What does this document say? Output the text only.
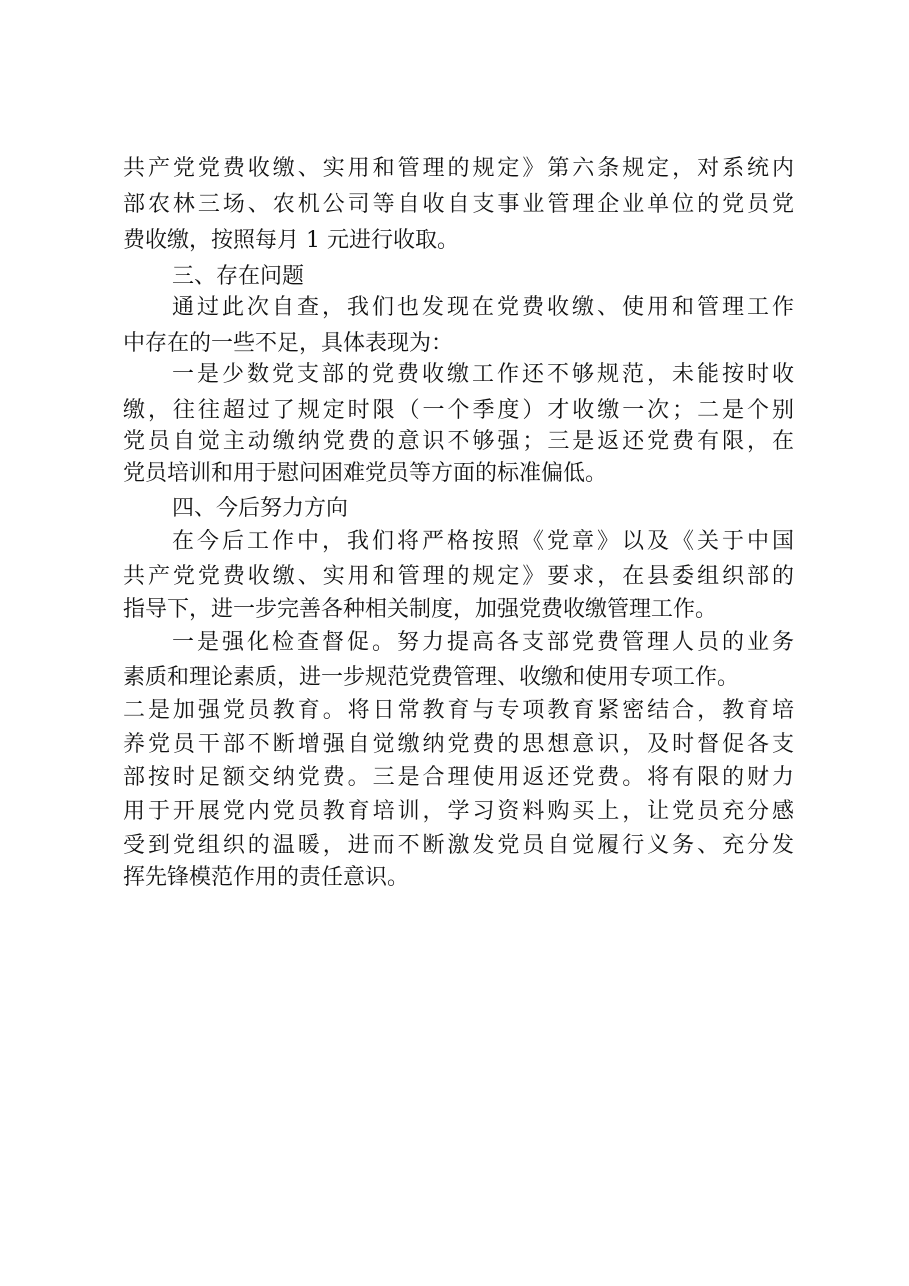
共产党党费收缴、实用和管理的规定》第六条规定，对系统内
部农林三场、农机公司等自收自支事业管理企业单位的党员党
费收缴，按照每月 1 元进行收取。
三、存在问题
通过此次自查，我们也发现在党费收缴、使用和管理工作
中存在的一些不足，具体表现为：
一是少数党支部的党费收缴工作还不够规范，未能按时收
缴，往往超过了规定时限（一个季度）才收缴一次；二是个别
党员自觉主动缴纳党费的意识不够强；三是返还党费有限，在
党员培训和用于慰问困难党员等方面的标准偏低。
四、今后努力方向
在今后工作中，我们将严格按照《党章》以及《关于中国
共产党党费收缴、实用和管理的规定》要求，在县委组织部的
指导下，进一步完善各种相关制度，加强党费收缴管理工作。
一是强化检查督促。努力提高各支部党费管理人员的业务
素质和理论素质，进一步规范党费管理、收缴和使用专项工作。
二是加强党员教育。将日常教育与专项教育紧密结合，教育培
养党员干部不断增强自觉缴纳党费的思想意识，及时督促各支
部按时足额交纳党费。三是合理使用返还党费。将有限的财力
用于开展党内党员教育培训，学习资料购买上，让党员充分感
受到党组织的温暖，进而不断激发党员自觉履行义务、充分发
挥先锋模范作用的责任意识。
